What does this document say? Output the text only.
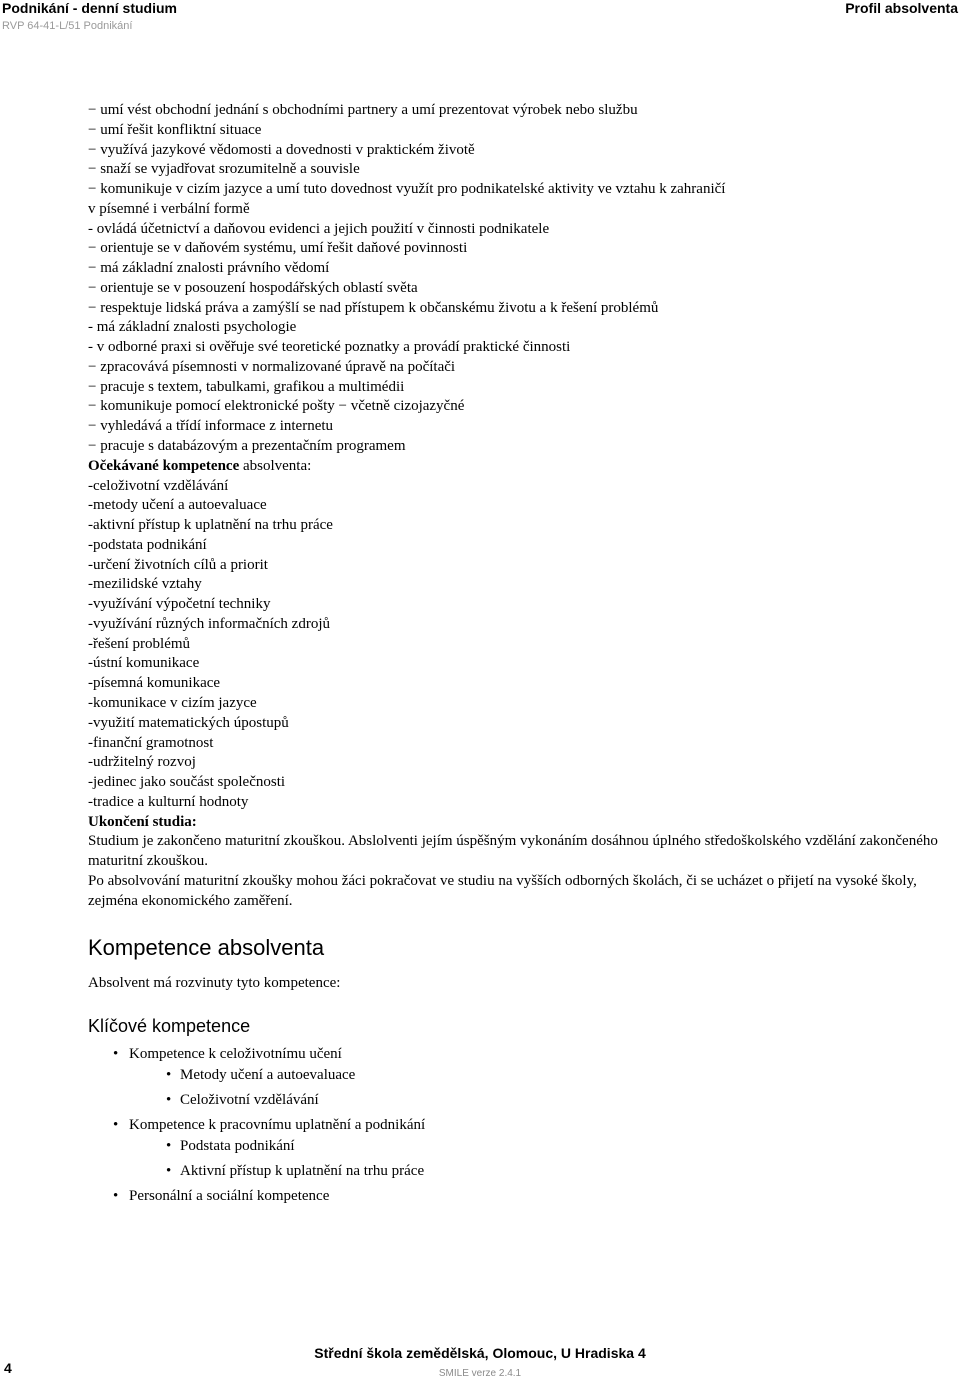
Podnikání - denní studium
RVP 64-41-L/51 Podnikání
Profil absolventa
− umí vést obchodní jednání s obchodními partnery a umí prezentovat výrobek nebo službu
− umí řešit konfliktní situace
− využívá jazykové vědomosti a dovednosti v praktickém životě
− snaží se vyjadřovat srozumitelně a souvisle
− komunikuje v cizím jazyce a umí tuto dovednost využít pro podnikatelské aktivity ve vztahu k zahraničí
v písemné i verbální formě
- ovládá účetnictví a daňovou evidenci a jejich použití v činnosti podnikatele
− orientuje se v daňovém systému, umí řešit daňové povinnosti
− má základní znalosti právního vědomí
− orientuje se v posouzení hospodářských oblastí světa
− respektuje lidská práva a zamýšlí se nad přístupem k občanskému životu a k řešení problémů
- má základní znalosti psychologie
- v odborné praxi si ověřuje své teoretické poznatky a provádí praktické činnosti
− zpracovává písemnosti v normalizované úpravě na počítači
− pracuje s textem, tabulkami, grafikou a multimédii
− komunikuje pomocí elektronické pošty − včetně cizojazyčné
− vyhledává a třídí informace z internetu
− pracuje s databázovým a prezentačním programem
Očekávané kompetence absolventa:
-celoživotní vzdělávání
-metody učení a autoevaluace
-aktivní přístup k uplatnění na trhu práce
-podstata podnikání
-určení životních cílů a priorit
-mezilidské vztahy
-využívání výpočetní techniky
-využívání různých informačních zdrojů
-řešení problémů
-ústní komunikace
-písemná komunikace
-komunikace v cizím jazyce
-využití matematických úpostupů
-finanční gramotnost
-udržitelný rozvoj
-jedinec jako součást společnosti
-tradice a kulturní hodnoty
Ukončení studia:
Studium je zakončeno maturitní zkouškou. Abslolventi jejím úspěšným vykonáním dosáhnou úplného středoškolského vzdělání zakončeného maturitní zkouškou.
Po absolvování maturitní zkoušky mohou žáci pokračovat ve studiu na vyšších odborných školách, či se ucházet o přijetí na vysoké školy, zejména ekonomického zaměření.
Kompetence absolventa
Absolvent má rozvinuty tyto kompetence:
Klíčové kompetence
• Kompetence k celoživotnímu učení
• Metody učení a autoevaluace
• Celoživotní vzdělávání
• Kompetence k pracovnímu uplatnění a podnikání
• Podstata podnikání
• Aktivní přístup k uplatnění na trhu práce
• Personální a sociální kompetence
Střední škola zemědělská, Olomouc, U Hradiska 4
SMILE verze 2.4.1
4
